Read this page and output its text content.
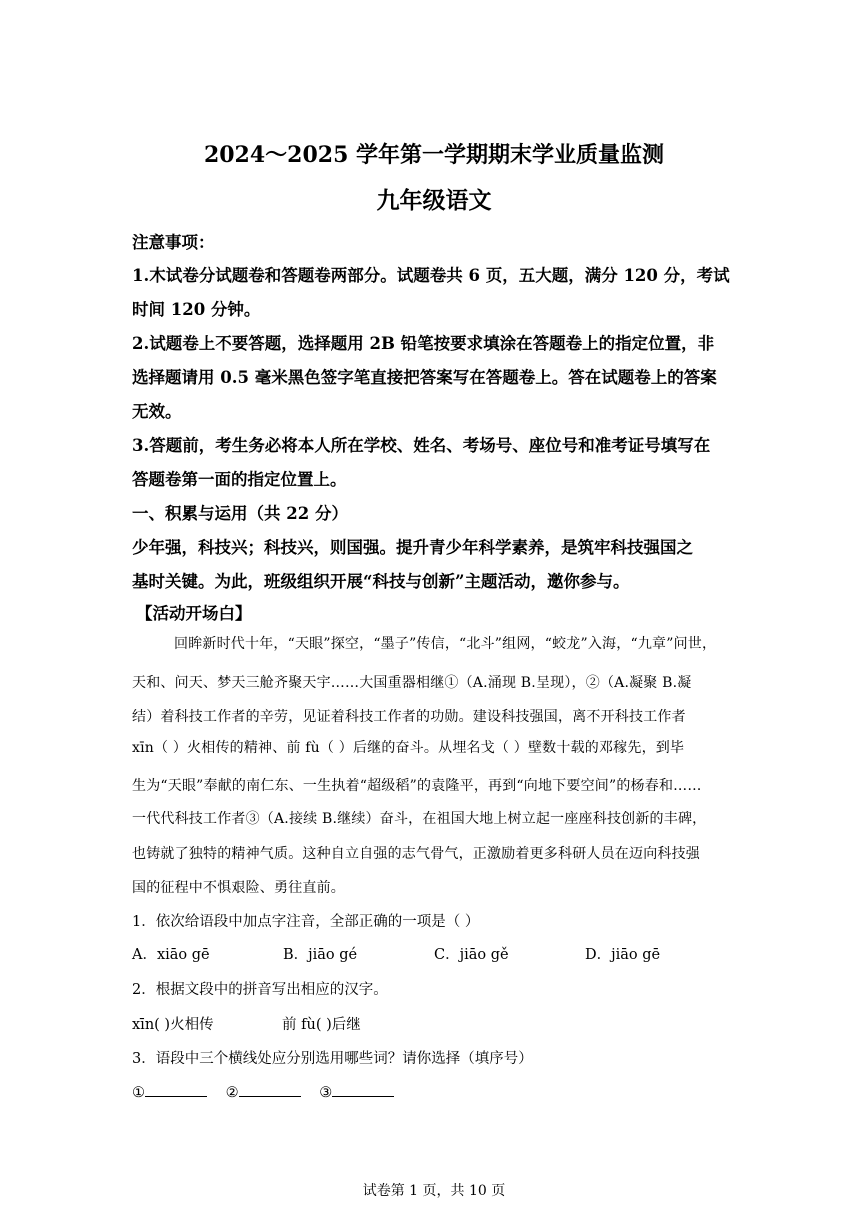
2024～2025 学年第一学期期末学业质量监测
九年级语文
注意事项：
1.木试卷分试题卷和答题卷两部分。试题卷共 6 页，五大题，满分 120 分，考试
时间 120 分钟。
2.试题卷上不要答题，选择题用 2B 铅笔按要求填涂在答题卷上的指定位置，非
选择题请用 0.5 毫米黑色签字笔直接把答案写在答题卷上。答在试题卷上的答案
无效。
3.答题前，考生务必将本人所在学校、姓名、考场号、座位号和准考证号填写在
答题卷第一面的指定位置上。
一、积累与运用（共 22 分）
少年强，科技兴；科技兴，则国强。提升青少年科学素养，是筑牢科技强国之
基时关键。为此，班级组织开展“科技与创新”主题活动，邀你参与。
【活动开场白】
回眸新时代十年，“天眼”探空，“墨子”传信，“北斗”组网，“蛟龙”入海，“九章”问世，
天和、问天、梦天三舱齐聚天宇……大国重器相继①（A.涌现 B.呈现），②（A.凝聚 B.凝
结）着科技工作者的辛劳，见证着科技工作者的功勋。建设科技强国，离不开科技工作者
xīn（ ）火相传的精神、前 fù（ ）后继的奋斗。从埋名戈（ ）壁数十载的邓稼先，到毕
生为“天眼”奉献的南仁东、一生执着“超级稻”的袁隆平，再到“向地下要空间”的杨春和……
一代代科技工作者③（A.接续 B.继续）奋斗，在祖国大地上树立起一座座科技创新的丰碑，
也铸就了独特的精神气质。这种自立自强的志气骨气，正激励着更多科研人员在迈向科技强
国的征程中不惧艰险、勇往直前。
1．依次给语段中加点字注音，全部正确的一项是（ ）
A．xiāo gē	B．jiāo gé	C．jiāo gě	D．jiāo gē
2．根据文段中的拼音写出相应的汉字。
xīn( )火相传	前 fù( )后继
3．语段中三个横线处应分别选用哪些词？请你选择（填序号）
①	②	③
试卷第 1 页，共 10 页
